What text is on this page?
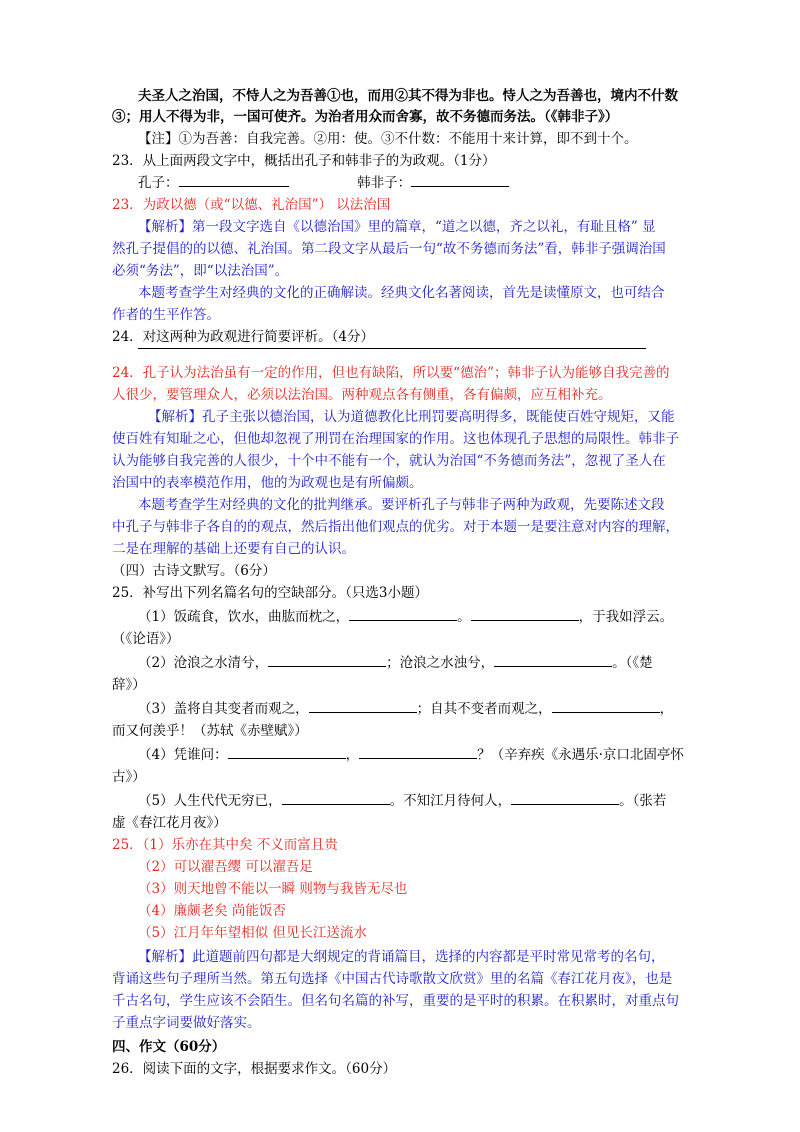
夫圣人之治国，不恃人之为吾善①也，而用②其不得为非也。恃人之为吾善也，境内不什数
③；用人不得为非，一国可使齐。为治者用众而舍寡，故不务德而务法。（《韩非子》）
【注】①为吾善：自我完善。②用：使。③不什数：不能用十来计算，即不到十个。
23．从上面两段文字中，概括出孔子和韩非子的为政观。（1分）
孔子：	韩非子：
23．为政以德（或“以德、礼治国”） 以法治国
【解析】第一段文字选自《以德治国》里的篇章，“道之以德，齐之以礼，有耻且格” 显
然孔子提倡的的以德、礼治国。第二段文字从最后一句“故不务德而务法”看，韩非子强调治国
必须“务法”，即“以法治国”。
本题考查学生对经典的文化的正确解读。经典文化名著阅读，首先是读懂原文，也可结合
作者的生平作答。
24．对这两种为政观进行简要评析。（4分）
24．孔子认为法治虽有一定的作用，但也有缺陷，所以要“德治”；韩非子认为能够自我完善的
人很少，要管理众人，必须以法治国。两种观点各有侧重，各有偏颇，应互相补充。
【解析】孔子主张以德治国，认为道德教化比刑罚要高明得多，既能使百姓守规矩，又能
使百姓有知耻之心，但他却忽视了刑罚在治理国家的作用。这也体现孔子思想的局限性。韩非子
认为能够自我完善的人很少，十个中不能有一个，就认为治国“不务德而务法”，忽视了圣人在
治国中的表率模范作用，他的为政观也是有所偏颇。
本题考查学生对经典的文化的批判继承。要评析孔子与韩非子两种为政观，先要陈述文段
中孔子与韩非子各自的的观点，然后指出他们观点的优劣。对于本题一是要注意对内容的理解，
二是在理解的基础上还要有自己的认识。
（四）古诗文默写。（6分）
25．补写出下列名篇名句的空缺部分。（只选3小题）
（1）饭疏食，饮水，曲肱而枕之，	。	，于我如浮云。
（《论语》）
（2）沧浪之水清兮，	；沧浪之水浊兮，	。（《楚
辞》）
（3）盖将自其变者而观之，	；自其不变者而观之，	，
而又何羡乎！（苏轼《赤壁赋》）
（4）凭谁问：	，	？（辛弃疾《永遇乐·京口北固亭怀
古》）
（5）人生代代无穷已，	。不知江月待何人，	。（张若
虚《春江花月夜》）
25．（1）乐亦在其中矣 不义而富且贵
（2）可以濯吾缨 可以濯吾足
（3）则天地曾不能以一瞬 则物与我皆无尽也
（4）廉颇老矣 尚能饭否
（5）江月年年望相似 但见长江送流水
【解析】此道题前四句都是大纲规定的背诵篇目，选择的内容都是平时常见常考的名句，
背诵这些句子理所当然。第五句选择《中国古代诗歌散文欣赏》里的名篇《春江花月夜》，也是
千古名句，学生应该不会陌生。但名句名篇的补写，重要的是平时的积累。在积累时，对重点句
子重点字词要做好落实。
四、作文（60分）
26．阅读下面的文字，根据要求作文。（60分）
